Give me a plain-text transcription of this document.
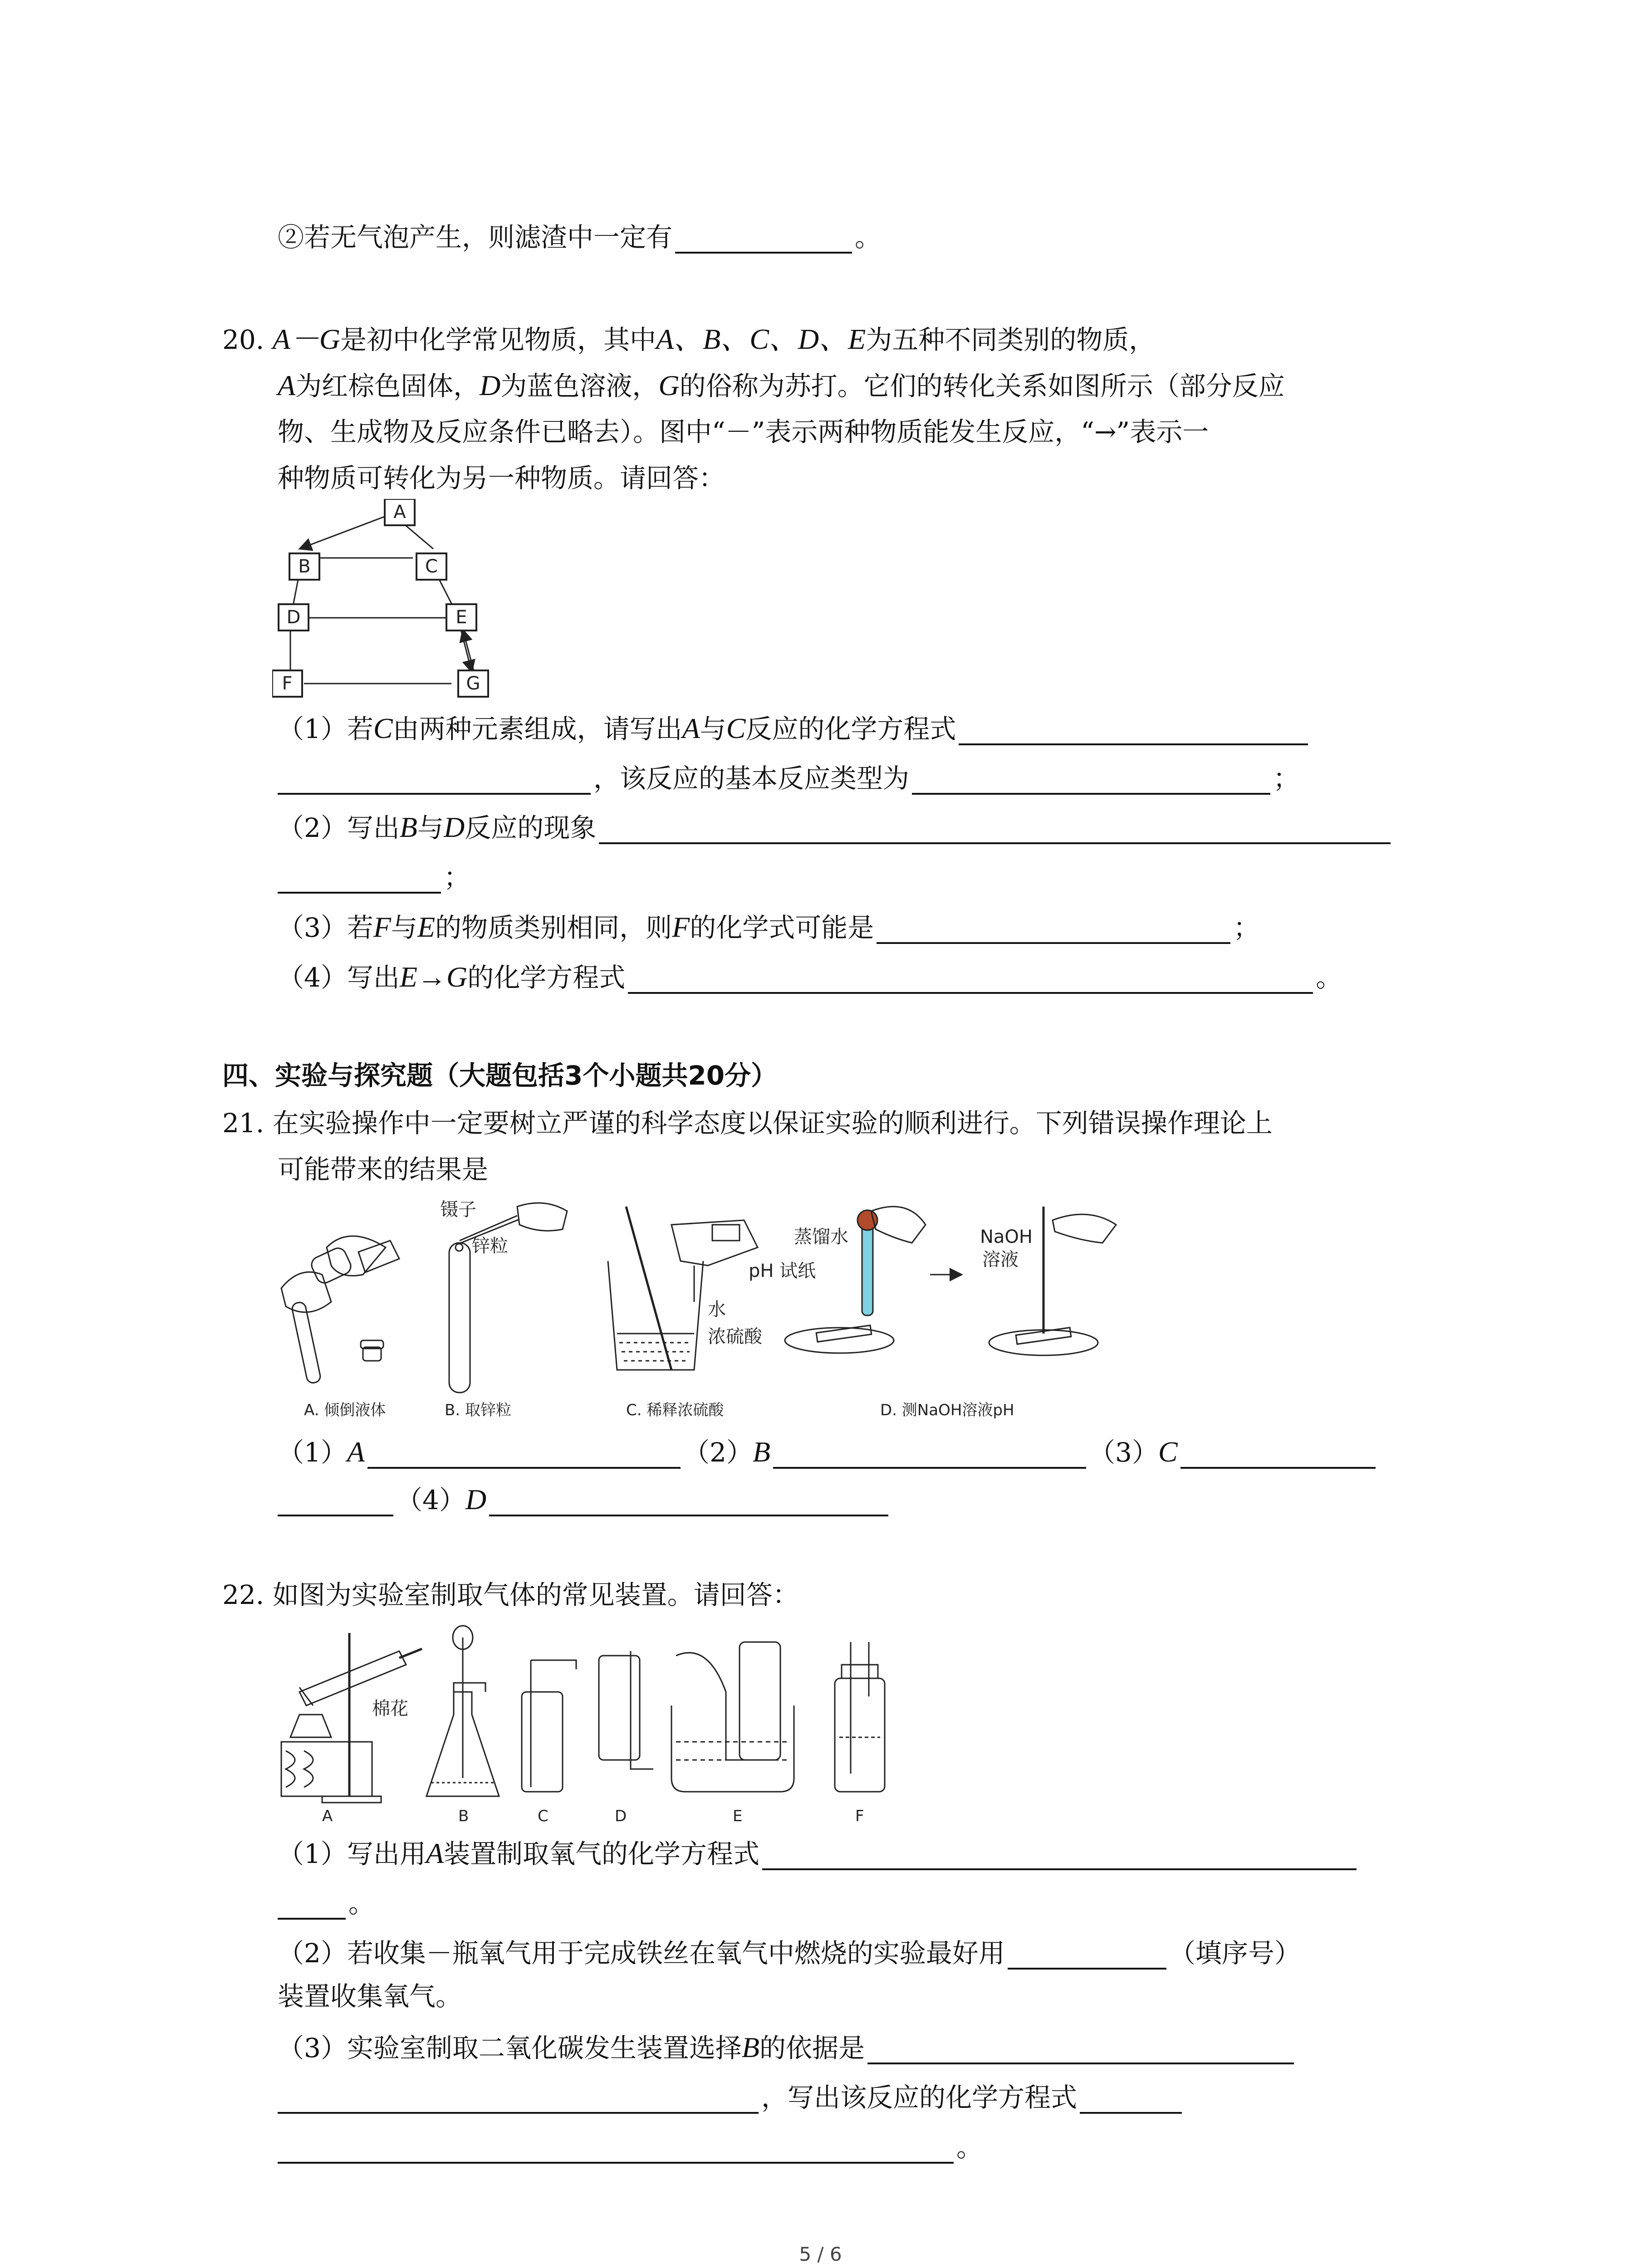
②若无气泡产生，则滤渣中一定有	。
20. A－G是初中化学常见物质，其中A、B、C、D、E为五种不同类别的物质，
A为红棕色固体，D为蓝色溶液，G的俗称为苏打。它们的转化关系如图所示（部分反应
物、生成物及反应条件已略去）。图中“－”表示两种物质能发生反应，“→”表示一
种物质可转化为另一种物质。请回答：
A
B	C
D	E
F	G
（1）若C由两种元素组成，请写出A与C反应的化学方程式
，该反应的基本反应类型为	；
（2）写出B与D反应的现象
；
（3）若F与E的物质类别相同，则F的化学式可能是	；
（4）写出E→G的化学方程式	。
四、实验与探究题（大题包括3个小题共20分）
21. 在实验操作中一定要树立严谨的科学态度以保证实验的顺利进行。下列错误操作理论上
可能带来的结果是
镊子
锌粒
水
浓硫酸
蒸馏水
pH 试纸
NaOH
溶液
A. 倾倒液体	B. 取锌粒	C. 稀释浓硫酸	D. 测NaOH溶液pH
（1）A	（2）B	（3）C
（4）D
22. 如图为实验室制取气体的常见装置。请回答：
棉花
A	B	C	D	E	F
（1）写出用A装置制取氧气的化学方程式
。
（2）若收集－瓶氧气用于完成铁丝在氧气中燃烧的实验最好用	（填序号）
装置收集氧气。
（3）实验室制取二氧化碳发生装置选择B的依据是
，写出该反应的化学方程式
。
5 / 6
